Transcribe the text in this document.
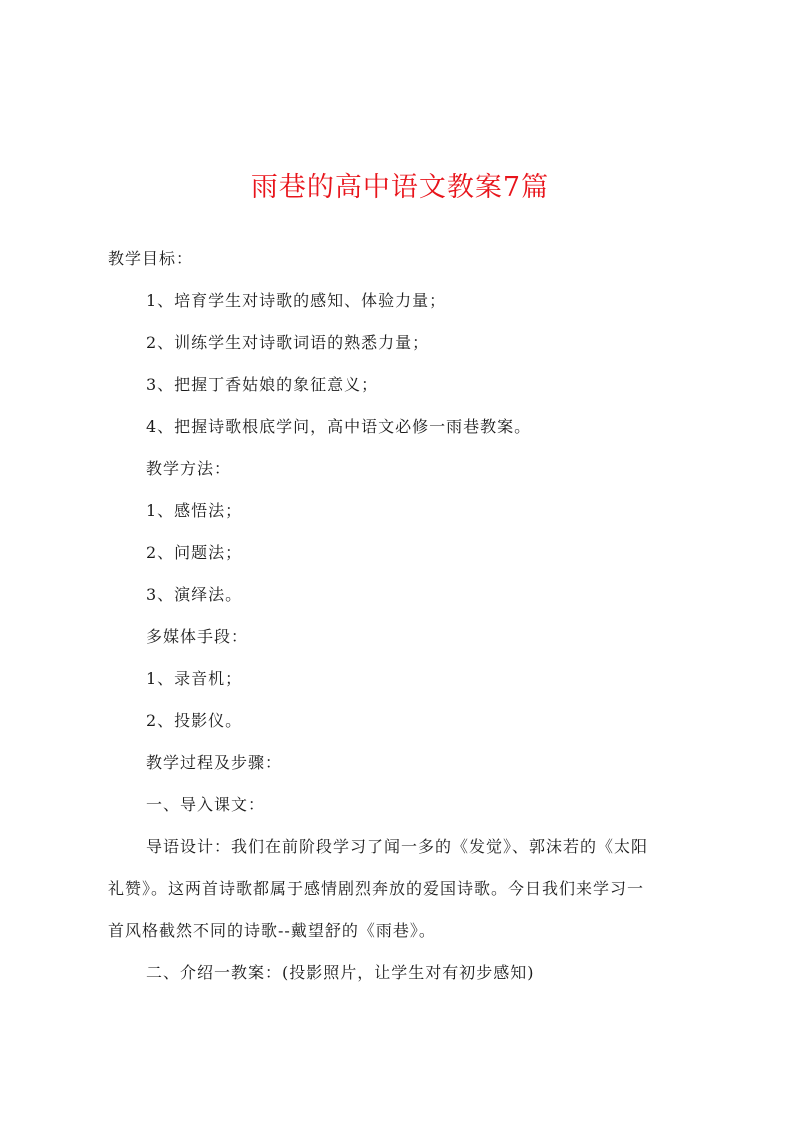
雨巷的高中语文教案7篇
教学目标：
1、培育学生对诗歌的感知、体验力量；
2、训练学生对诗歌词语的熟悉力量；
3、把握丁香姑娘的象征意义；
4、把握诗歌根底学问，高中语文必修一雨巷教案。
教学方法：
1、感悟法；
2、问题法；
3、演绎法。
多媒体手段：
1、录音机；
2、投影仪。
教学过程及步骤：
一、导入课文：
导语设计：我们在前阶段学习了闻一多的《发觉》、郭沫若的《太阳
礼赞》。这两首诗歌都属于感情剧烈奔放的爱国诗歌。今日我们来学习一
首风格截然不同的诗歌--戴望舒的《雨巷》。
二、介绍一教案：(投影照片，让学生对有初步感知)
